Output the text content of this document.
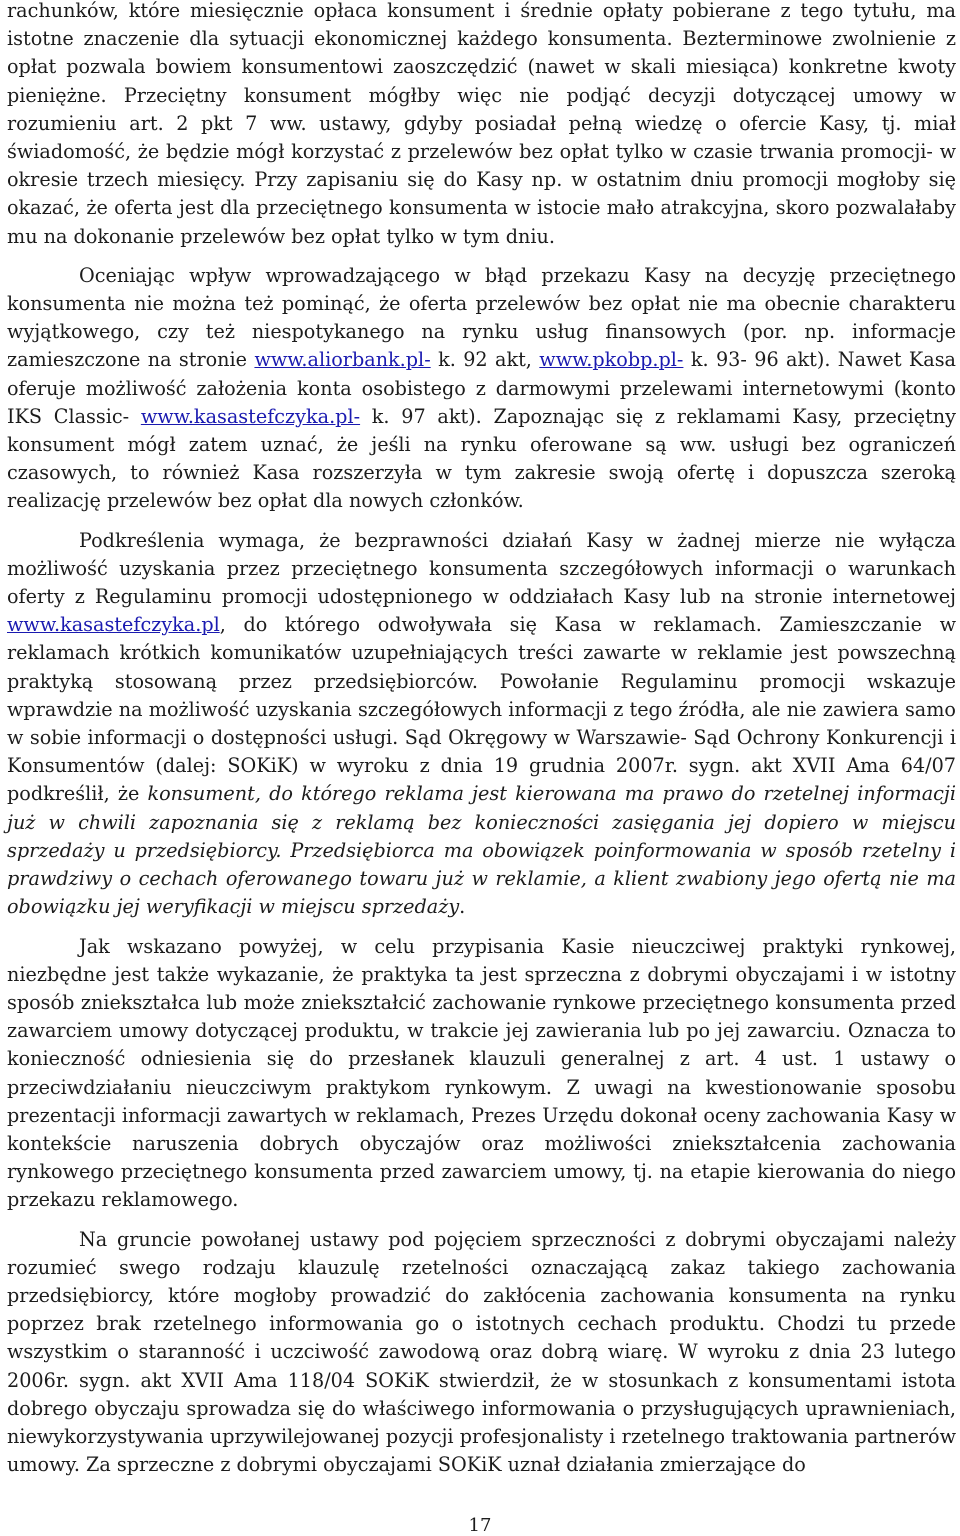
rachunków, które miesięcznie opłaca konsument i średnie opłaty pobierane z tego tytułu, ma istotne znaczenie dla sytuacji ekonomicznej każdego konsumenta. Bezterminowe zwolnienie z opłat pozwala bowiem konsumentowi zaoszczędzić (nawet w skali miesiąca) konkretne kwoty pieniężne. Przeciętny konsument mógłby więc nie podjąć decyzji dotyczącej umowy w rozumieniu art. 2 pkt 7 ww. ustawy, gdyby posiadał pełną wiedzę o ofercie Kasy, tj. miał świadomość, że będzie mógł korzystać z przelewów bez opłat tylko w czasie trwania promocji- w okresie trzech miesięcy. Przy zapisaniu się do Kasy np. w ostatnim dniu promocji mogłoby się okazać, że oferta jest dla przeciętnego konsumenta w istocie mało atrakcyjna, skoro pozwalałaby mu na dokonanie przelewów bez opłat tylko w tym dniu.

Oceniając wpływ wprowadzającego w błąd przekazu Kasy na decyzję przeciętnego konsumenta nie można też pominąć, że oferta przelewów bez opłat nie ma obecnie charakteru wyjątkowego, czy też niespotykanego na rynku usług finansowych (por. np. informacje zamieszczone na stronie www.aliorbank.pl- k. 92 akt, www.pkobp.pl- k. 93- 96 akt). Nawet Kasa oferuje możliwość założenia konta osobistego z darmowymi przelewami internetowymi (konto IKS Classic- www.kasastefczyka.pl- k. 97 akt). Zapoznając się z reklamami Kasy, przeciętny konsument mógł zatem uznać, że jeśli na rynku oferowane są ww. usługi bez ograniczeń czasowych, to również Kasa rozszerzyła w tym zakresie swoją ofertę i dopuszcza szeroką realizację przelewów bez opłat dla nowych członków.

Podkreślenia wymaga, że bezprawności działań Kasy w żadnej mierze nie wyłącza możliwość uzyskania przez przeciętnego konsumenta szczegółowych informacji o warunkach oferty z Regulaminu promocji udostępnionego w oddziałach Kasy lub na stronie internetowej www.kasastefczyka.pl, do którego odwoływała się Kasa w reklamach. Zamieszczanie w reklamach krótkich komunikatów uzupełniających treści zawarte w reklamie jest powszechną praktyką stosowaną przez przedsiębiorców. Powołanie Regulaminu promocji wskazuje wprawdzie na możliwość uzyskania szczegółowych informacji z tego źródła, ale nie zawiera samo w sobie informacji o dostępności usługi. Sąd Okręgowy w Warszawie- Sąd Ochrony Konkurencji i Konsumentów (dalej: SOKiK) w wyroku z dnia 19 grudnia 2007r. sygn. akt XVII Ama 64/07 podkreślił, że konsument, do którego reklama jest kierowana ma prawo do rzetelnej informacji już w chwili zapoznania się z reklamą bez konieczności zasięgania jej dopiero w miejscu sprzedaży u przedsiębiorcy. Przedsiębiorca ma obowiązek poinformowania w sposób rzetelny i prawdziwy o cechach oferowanego towaru już w reklamie, a klient zwabiony jego ofertą nie ma obowiązku jej weryfikacji w miejscu sprzedaży.

Jak wskazano powyżej, w celu przypisania Kasie nieuczciwej praktyki rynkowej, niezbędne jest także wykazanie, że praktyka ta jest sprzeczna z dobrymi obyczajami i w istotny sposób zniekształca lub może zniekształcić zachowanie rynkowe przeciętnego konsumenta przed zawarciem umowy dotyczącej produktu, w trakcie jej zawierania lub po jej zawarciu. Oznacza to konieczność odniesienia się do przesłanek klauzuli generalnej z art. 4 ust. 1 ustawy o przeciwdziałaniu nieuczciwym praktykom rynkowym. Z uwagi na kwestionowanie sposobu prezentacji informacji zawartych w reklamach, Prezes Urzędu dokonał oceny zachowania Kasy w kontekście naruszenia dobrych obyczajów oraz możliwości zniekształcenia zachowania rynkowego przeciętnego konsumenta przed zawarciem umowy, tj. na etapie kierowania do niego przekazu reklamowego.

Na gruncie powołanej ustawy pod pojęciem sprzeczności z dobrymi obyczajami należy rozumieć swego rodzaju klauzulę rzetelności oznaczającą zakaz takiego zachowania przedsiębiorcy, które mogłoby prowadzić do zakłócenia zachowania konsumenta na rynku poprzez brak rzetelnego informowania go o istotnych cechach produktu. Chodzi tu przede wszystkim o staranność i uczciwość zawodową oraz dobrą wiarę. W wyroku z dnia 23 lutego 2006r. sygn. akt XVII Ama 118/04 SOKiK stwierdził, że w stosunkach z konsumentami istota dobrego obyczaju sprowadza się do właściwego informowania o przysługujących uprawnieniach, niewykorzystywania uprzywilejowanej pozycji profesjonalisty i rzetelnego traktowania partnerów umowy. Za sprzeczne z dobrymi obyczajami SOKiK uznał działania zmierzające do

17
